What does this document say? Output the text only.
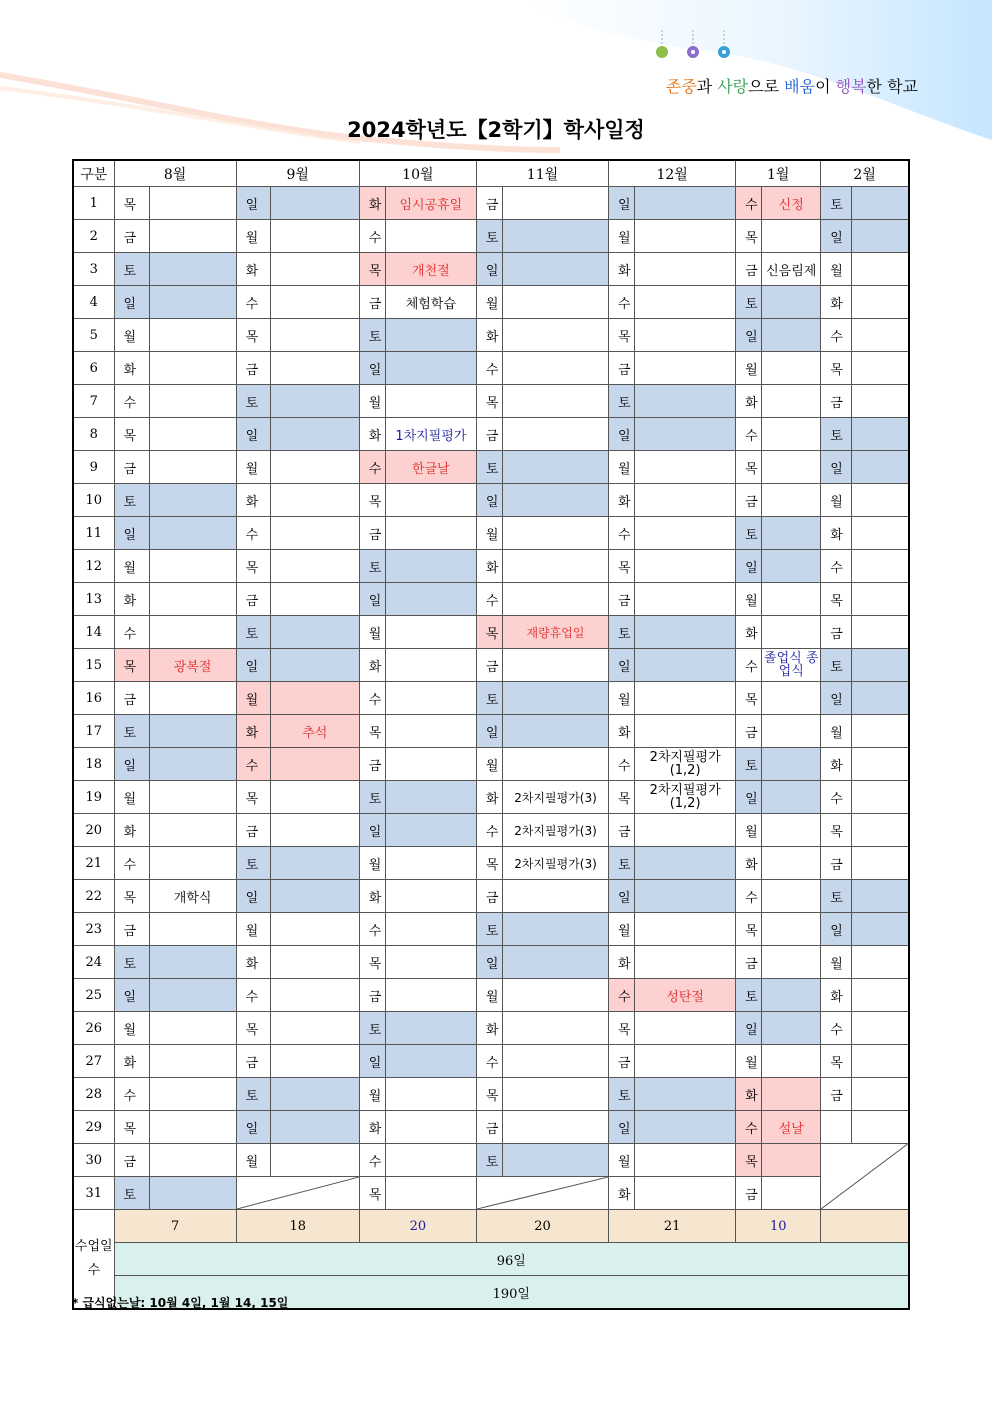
존중과 사랑으로 배움이 행복한 학교
2024학년도【2학기】학사일정
구분	8월		9월		10월		11월		12월		1월		2월	
1	목		일		화	임시공휴일	금		일		수	신정	토	
2	금		월		수		토		월		목		일	
3	토		화		목	개천절	일		화		금	신음림제	월	
4	일		수		금	체험학습	월		수		토		화	
5	월		목		토		화		목		일		수	
6	화		금		일		수		금		월		목	
7	수		토		월		목		토		화		금	
8	목		일		화	1차지필평가	금		일		수		토	
9	금		월		수	한글날	토		월		목		일	
10	토		화		목		일		화		금		월	
11	일		수		금		월		수		토		화	
12	월		목		토		화		목		일		수	
13	화		금		일		수		금		월		목	
14	수		토		월		목	재량휴업일	토		화		금	
15	목	광복절	일		화		금		일		수	졸업식 종업식	토	
16	금		월		수		토		월		목		일	
17	토		화	추석	목		일		화		금		월	
18	일		수		금		월		수	2차지필평가 (1,2)	토		화	
19	월		목		토		화	2차지필평가(3)	목	2차지필평가 (1,2)	일		수	
20	화		금		일		수	2차지필평가(3)	금		월		목	
21	수		토		월		목	2차지필평가(3)	토		화		금	
22	목	개학식	일		화		금		일		수		토	
23	금		월		수		토		월		목		일	
24	토		화		목		일		화		금		월	
25	일		수		금		월		수	성탄절	토		화	
26	월		목		토		화		목		일		수	
27	화		금		일		수		금		월		목	
28	수		토		월		목		토		화		금	
29	목		일		화		금		일		수	설날		
30	금		월		수		토		월		목		

31	토				목				화		금			
수업일수	7		18		20		20		21		10			
	96일													
	190일													
* 급식없는날: 10월 4일, 1월 14, 15일
